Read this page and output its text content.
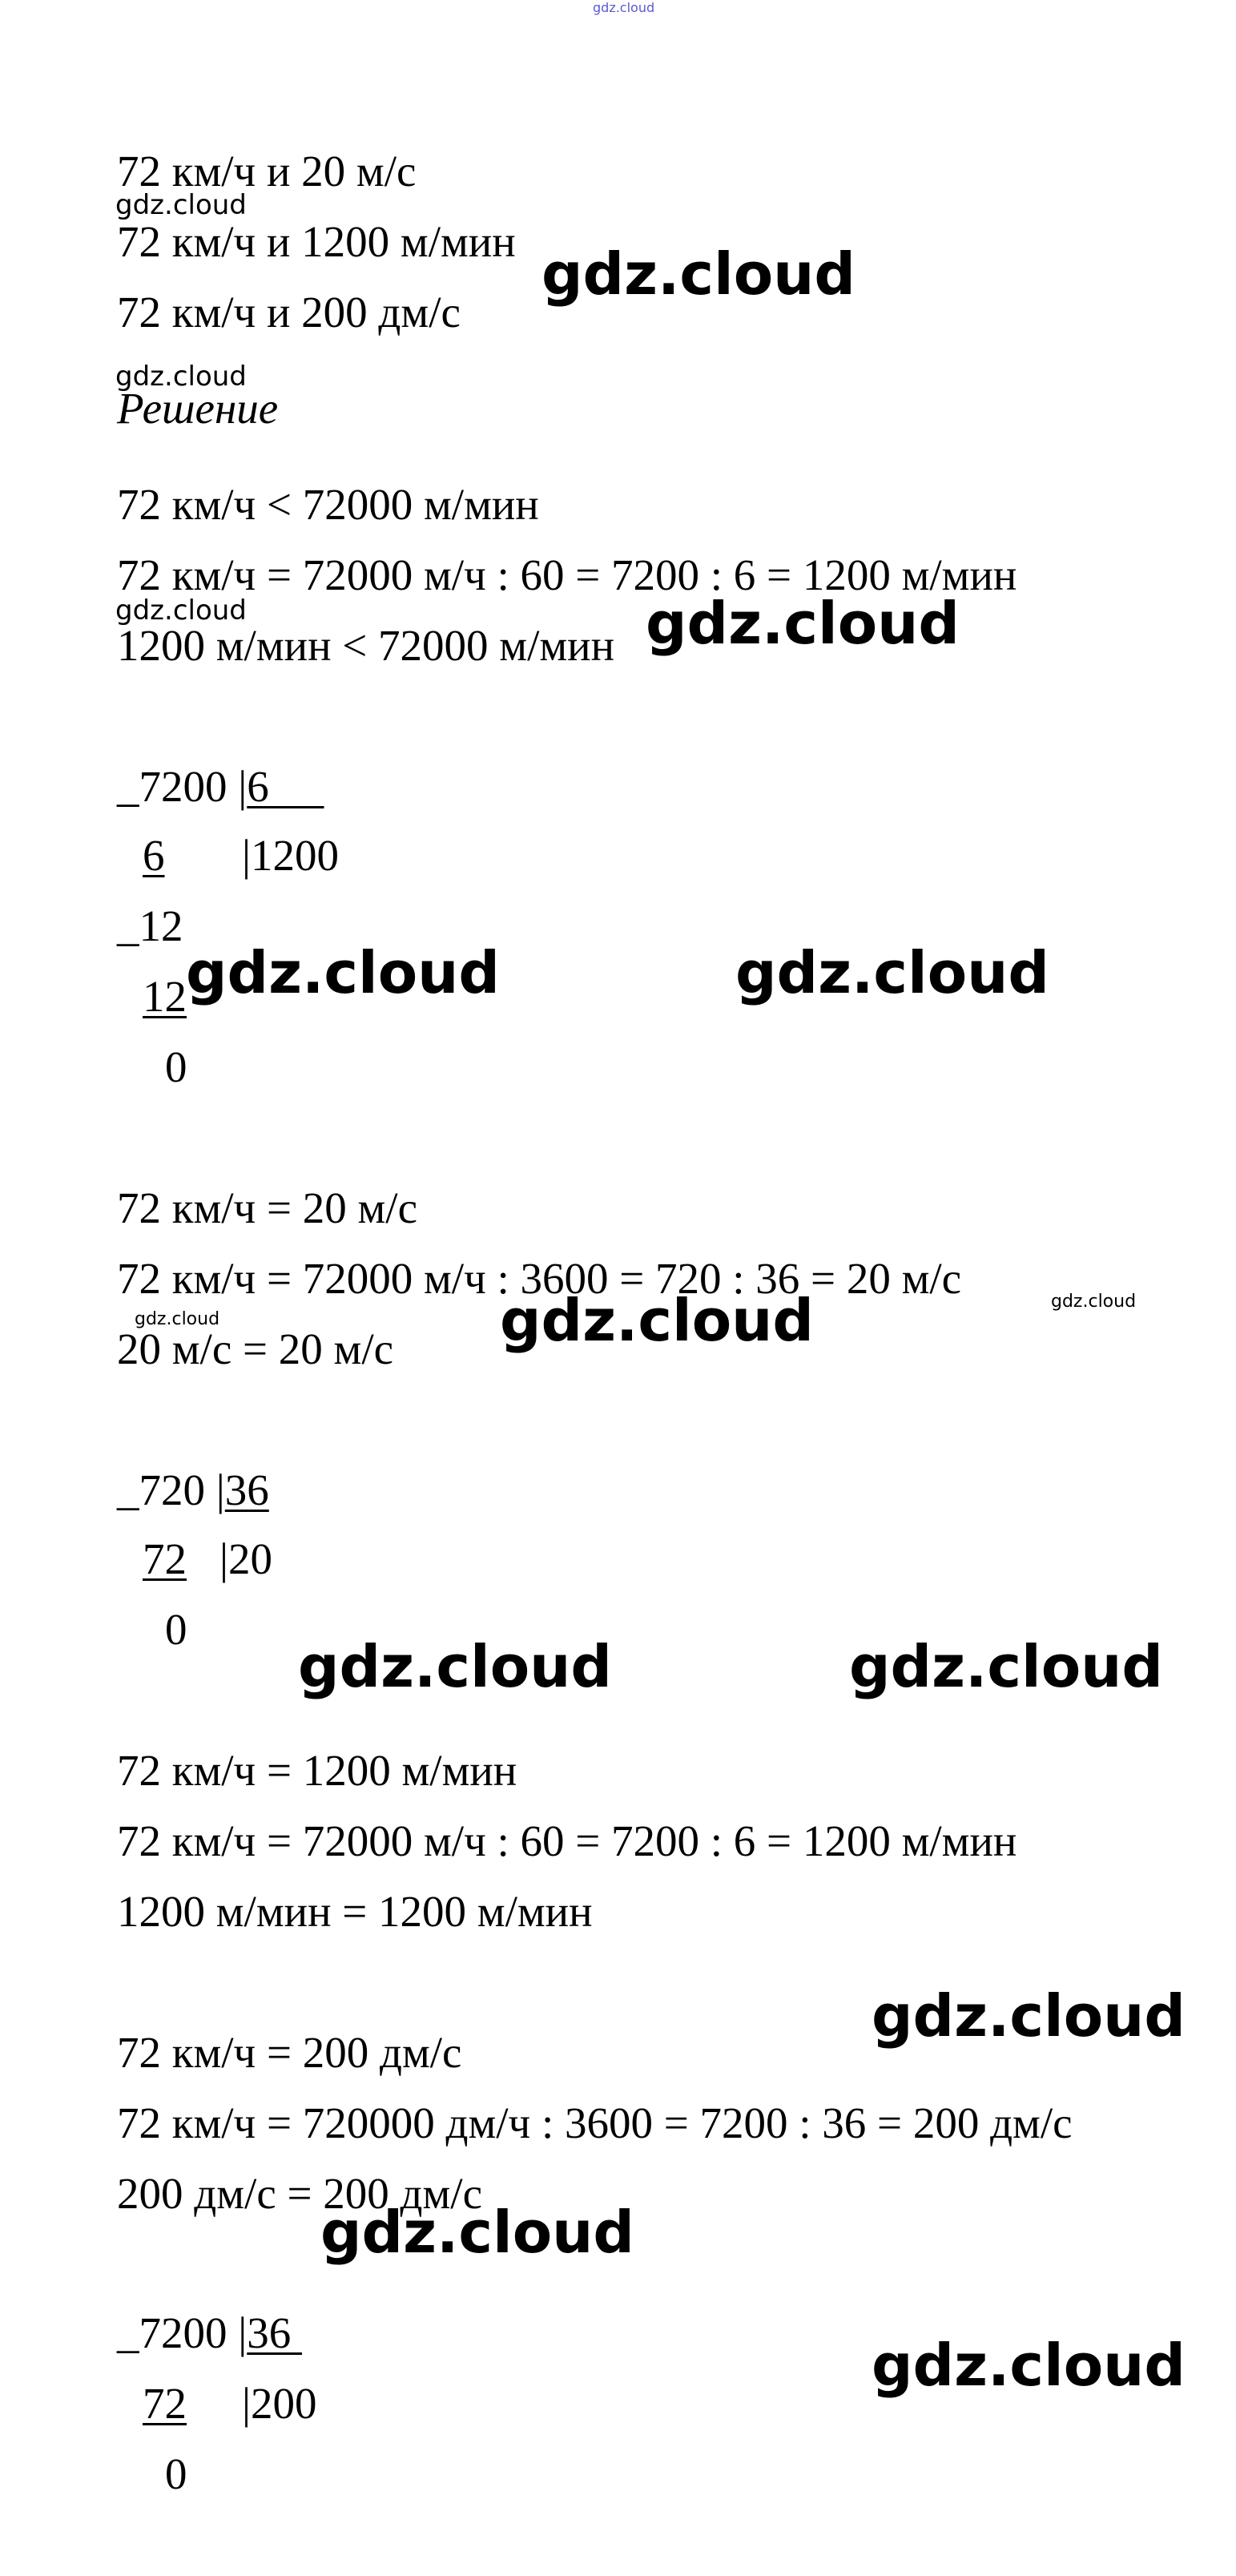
gdz.cloud
72 км/ч и 20 м/с
72 км/ч и 1200 м/мин
72 км/ч и 200 дм/с
Решение
72 км/ч < 72000 м/мин
72 км/ч = 72000 м/ч : 60 = 7200 : 6 = 1200 м/мин
1200 м/мин < 72000 м/мин
_7200 |6
6 |1200
_12
12
0
72 км/ч = 20 м/с
72 км/ч = 72000 м/ч : 3600 = 720 : 36 = 20 м/с
20 м/с = 20 м/с
_720 |36
72 |20
0
72 км/ч = 1200 м/мин
72 км/ч = 72000 м/ч : 60 = 7200 : 6 = 1200 м/мин
1200 м/мин = 1200 м/мин
72 км/ч = 200 дм/с
72 км/ч = 720000 дм/ч : 3600 = 7200 : 36 = 200 дм/с
200 дм/с = 200 дм/с
_7200 |36
72 |200
0
gdz.cloud
gdz.cloud
gdz.cloud
gdz.cloud	gdz.cloud
gdz.cloud	gdz.cloud
gdz.cloud	gdz.cloud	gdz.cloud
gdz.cloud	gdz.cloud
gdz.cloud
gdz.cloud
gdz.cloud
